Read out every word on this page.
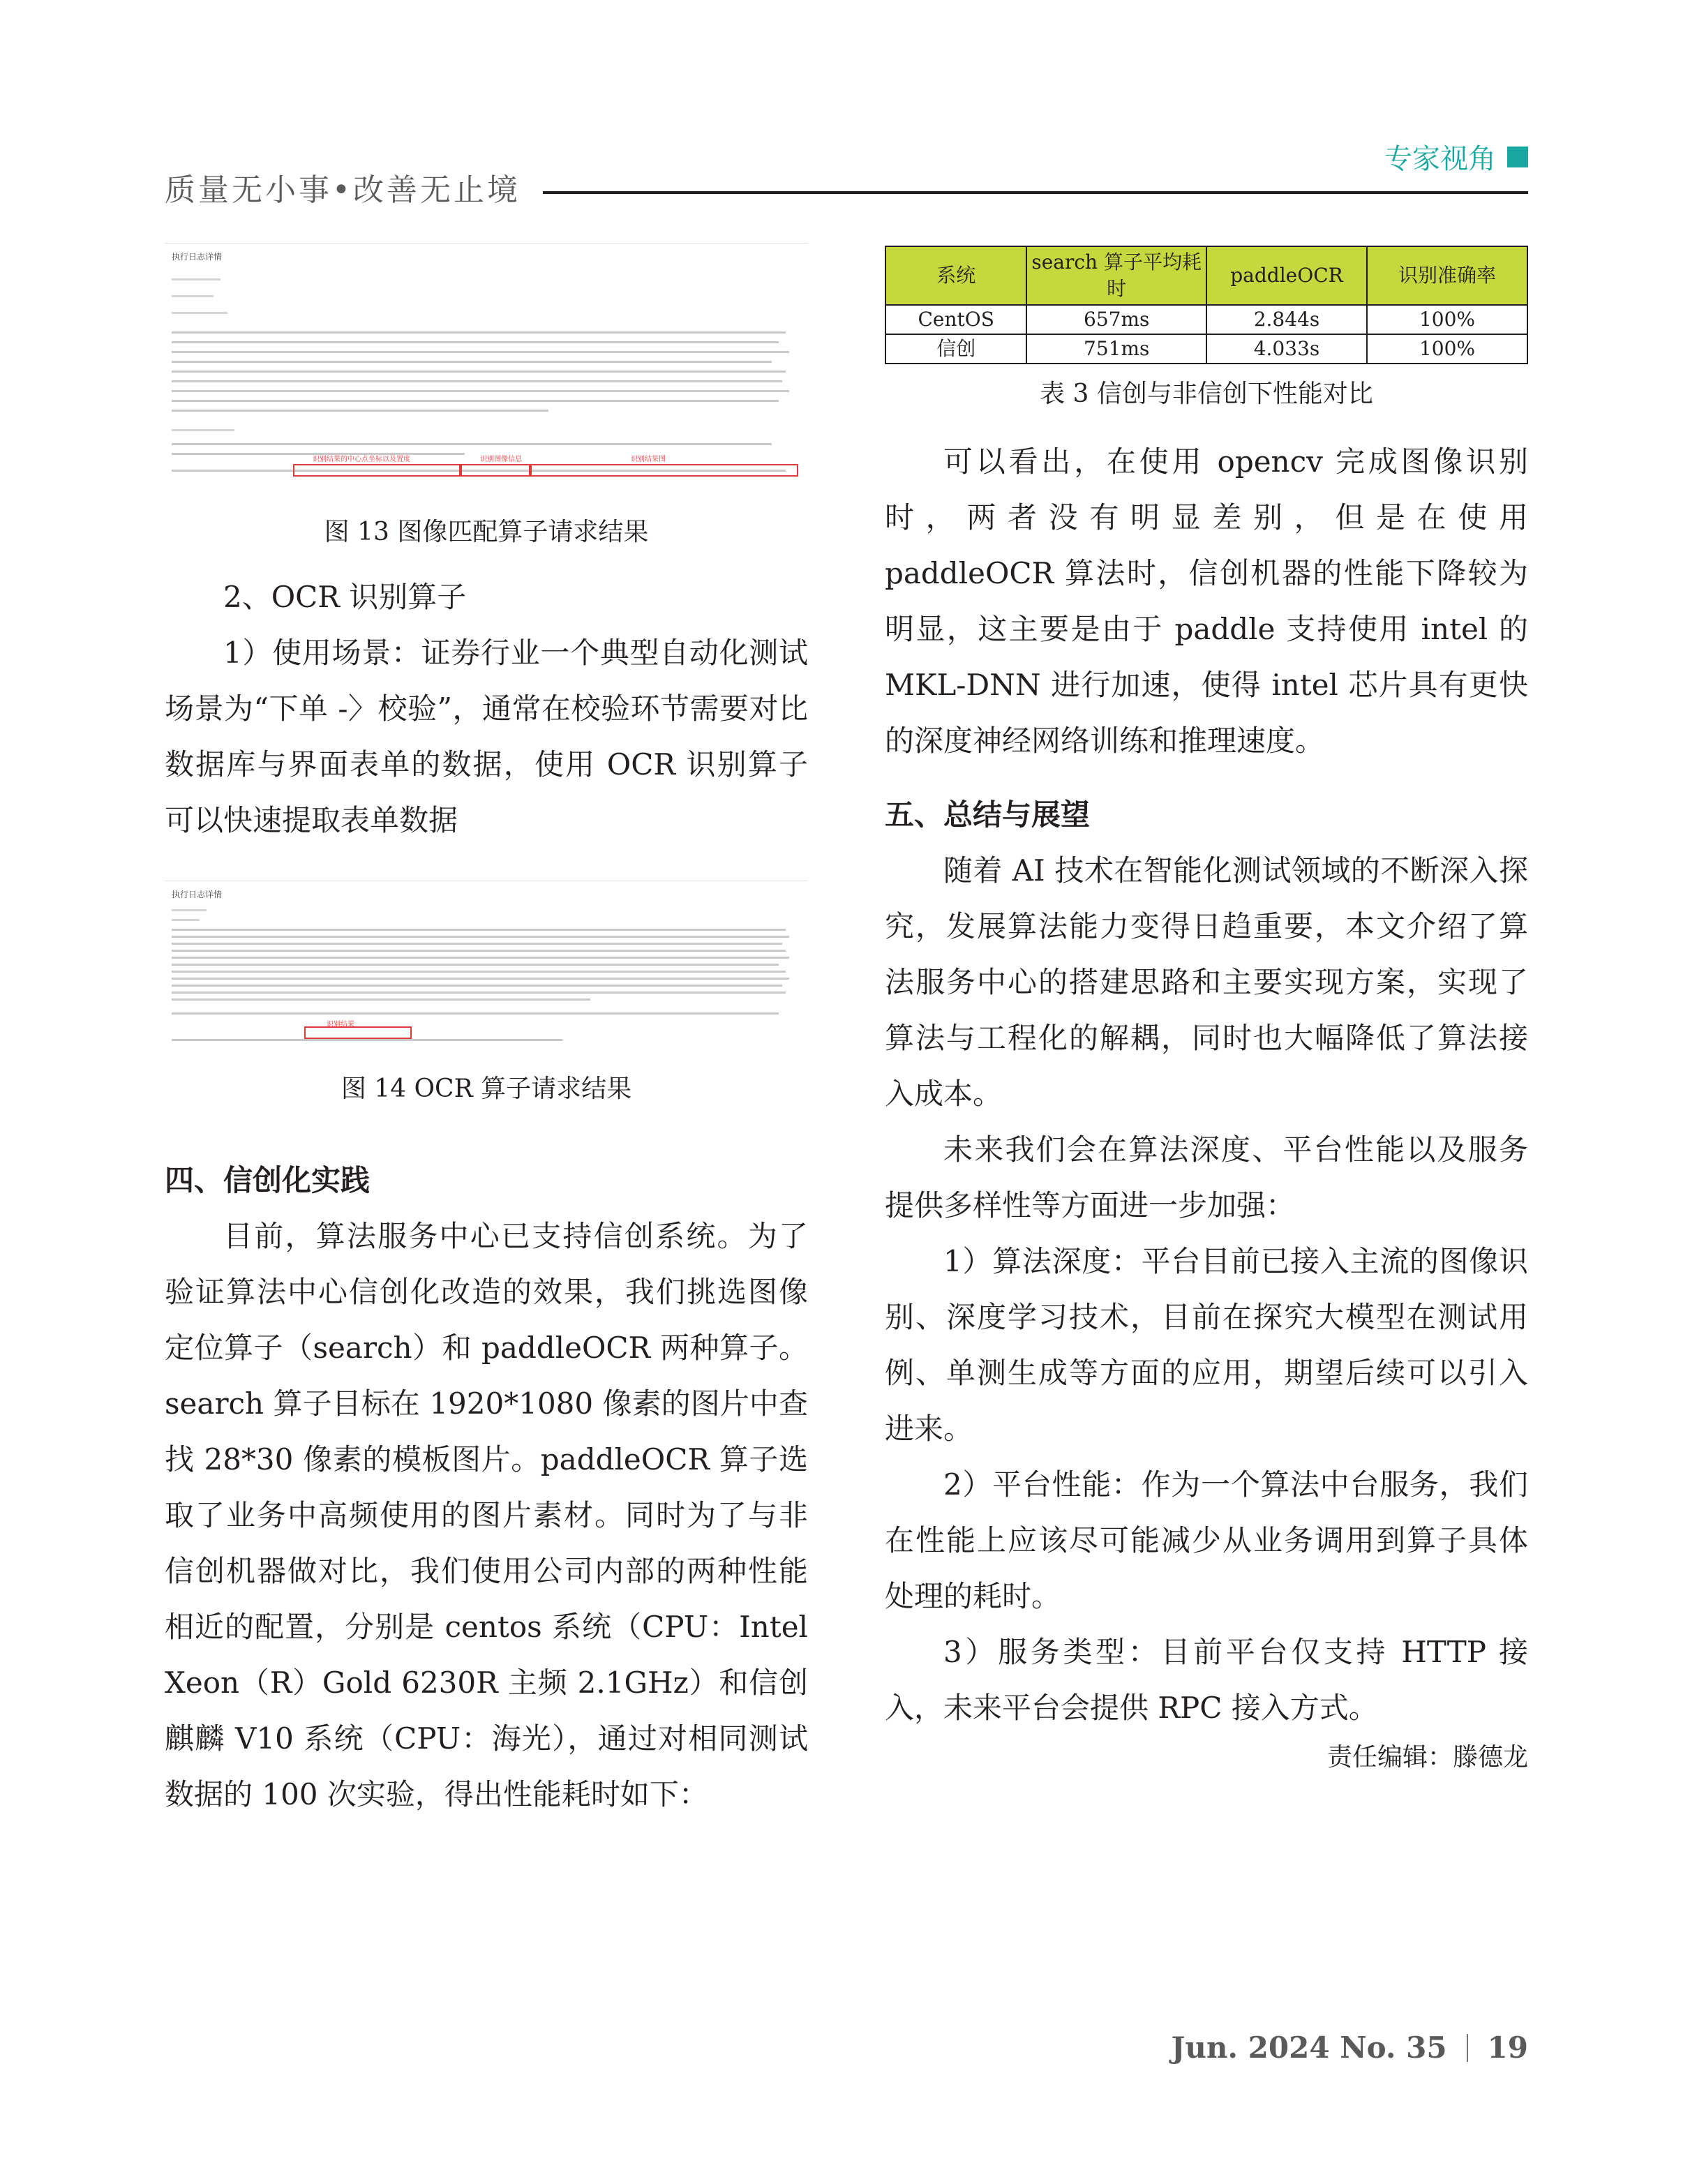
质量无小事•改善无止境
专家视角
执行日志详情
识别结果的中心点坐标以及置度	识别图像信息	识别结果图
图 13 图像匹配算子请求结果

2、OCR 识别算子

1）使用场景：证券行业一个典型自动化测试场景为“下单 -〉校验”，通常在校验环节需要对比数据库与界面表单的数据，使用 OCR 识别算子可以快速提取表单数据

执行日志详情
识别结果
图 14 OCR 算子请求结果
四、信创化实践

目前，算法服务中心已支持信创系统。为了验证算法中心信创化改造的效果，我们挑选图像定位算子（search）和 paddleOCR 两种算子。search 算子目标在 1920*1080 像素的图片中查找 28*30 像素的模板图片。paddleOCR 算子选取了业务中高频使用的图片素材。同时为了与非信创机器做对比，我们使用公司内部的两种性能相近的配置，分别是 centos 系统（CPU：Intel Xeon（R）Gold 6230R 主频 2.1GHz）和信创麒麟 V10 系统（CPU：海光），通过对相同测试数据的 100 次实验，得出性能耗时如下：

系统	search 算子平均耗时	paddleOCR	识别准确率
CentOS	657ms	2.844s	100%
信创	751ms	4.033s	100%
表 3 信创与非信创下性能对比

可以看出，在使用 opencv 完成图像识别时，两者没有明显差别，但是在使用 paddleOCR 算法时，信创机器的性能下降较为明显，这主要是由于 paddle 支持使用 intel 的 MKL-DNN 进行加速，使得 intel 芯片具有更快的深度神经网络训练和推理速度。

五、总结与展望

随着 AI 技术在智能化测试领域的不断深入探究，发展算法能力变得日趋重要，本文介绍了算法服务中心的搭建思路和主要实现方案，实现了算法与工程化的解耦，同时也大幅降低了算法接入成本。

未来我们会在算法深度、平台性能以及服务提供多样性等方面进一步加强：

1）算法深度：平台目前已接入主流的图像识别、深度学习技术，目前在探究大模型在测试用例、单测生成等方面的应用，期望后续可以引入进来。

2）平台性能：作为一个算法中台服务，我们在性能上应该尽可能减少从业务调用到算子具体处理的耗时。

3）服务类型：目前平台仅支持 HTTP 接入，未来平台会提供 RPC 接入方式。

责任编辑：滕德龙
Jun. 2024 No. 35 19
